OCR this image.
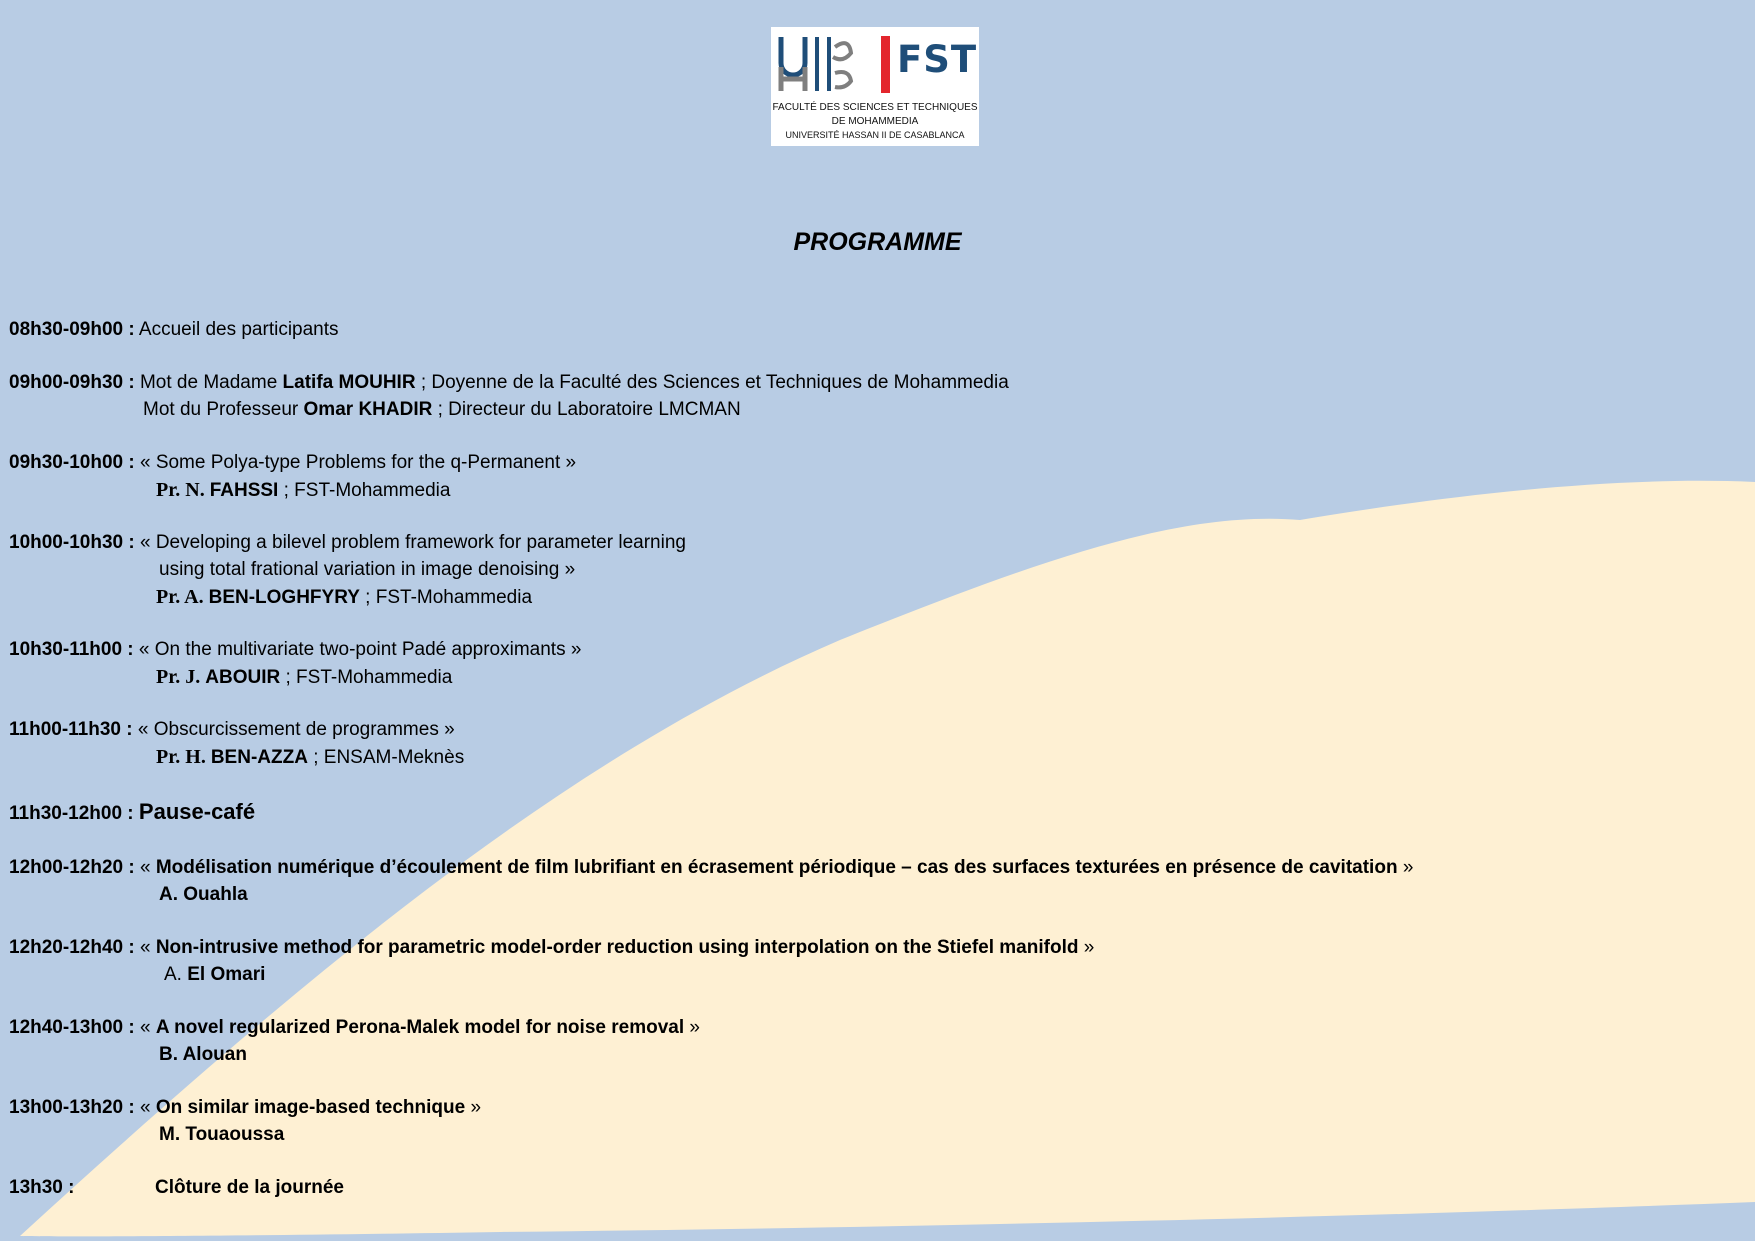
FST
FACULTÉ DES SCIENCES ET TECHNIQUES
DE MOHAMMEDIA
UNIVERSITÉ HASSAN II DE CASABLANCA
PROGRAMME
08h30-09h00 : Accueil des participants
09h00-09h30 : Mot de Madame Latifa MOUHIR ; Doyenne de la Faculté des Sciences et Techniques de Mohammedia
Mot du Professeur Omar KHADIR ; Directeur du Laboratoire LMCMAN
09h30-10h00 : « Some Polya-type Problems for the q-Permanent »
Pr. N. FAHSSI ; FST-Mohammedia
10h00-10h30 : « Developing a bilevel problem framework for parameter learning
using total frational variation in image denoising »
Pr. A. BEN-LOGHFYRY ; FST-Mohammedia
10h30-11h00 : « On the multivariate two-point Padé approximants »
Pr. J. ABOUIR ; FST-Mohammedia
11h00-11h30 : « Obscurcissement de programmes »
Pr. H. BEN-AZZA ; ENSAM-Meknès
11h30-12h00 : Pause-café
12h00-12h20 : « Modélisation numérique d’écoulement de film lubrifiant en écrasement périodique – cas des surfaces texturées en présence de cavitation »
A. Ouahla
12h20-12h40 : « Non-intrusive method for parametric model-order reduction using interpolation on the Stiefel manifold »
A. El Omari
12h40-13h00 : « A novel regularized Perona-Malek model for noise removal »
B. Alouan
13h00-13h20 : « On similar image-based technique »
M. Touaoussa
13h30 :	Clôture de la journée
